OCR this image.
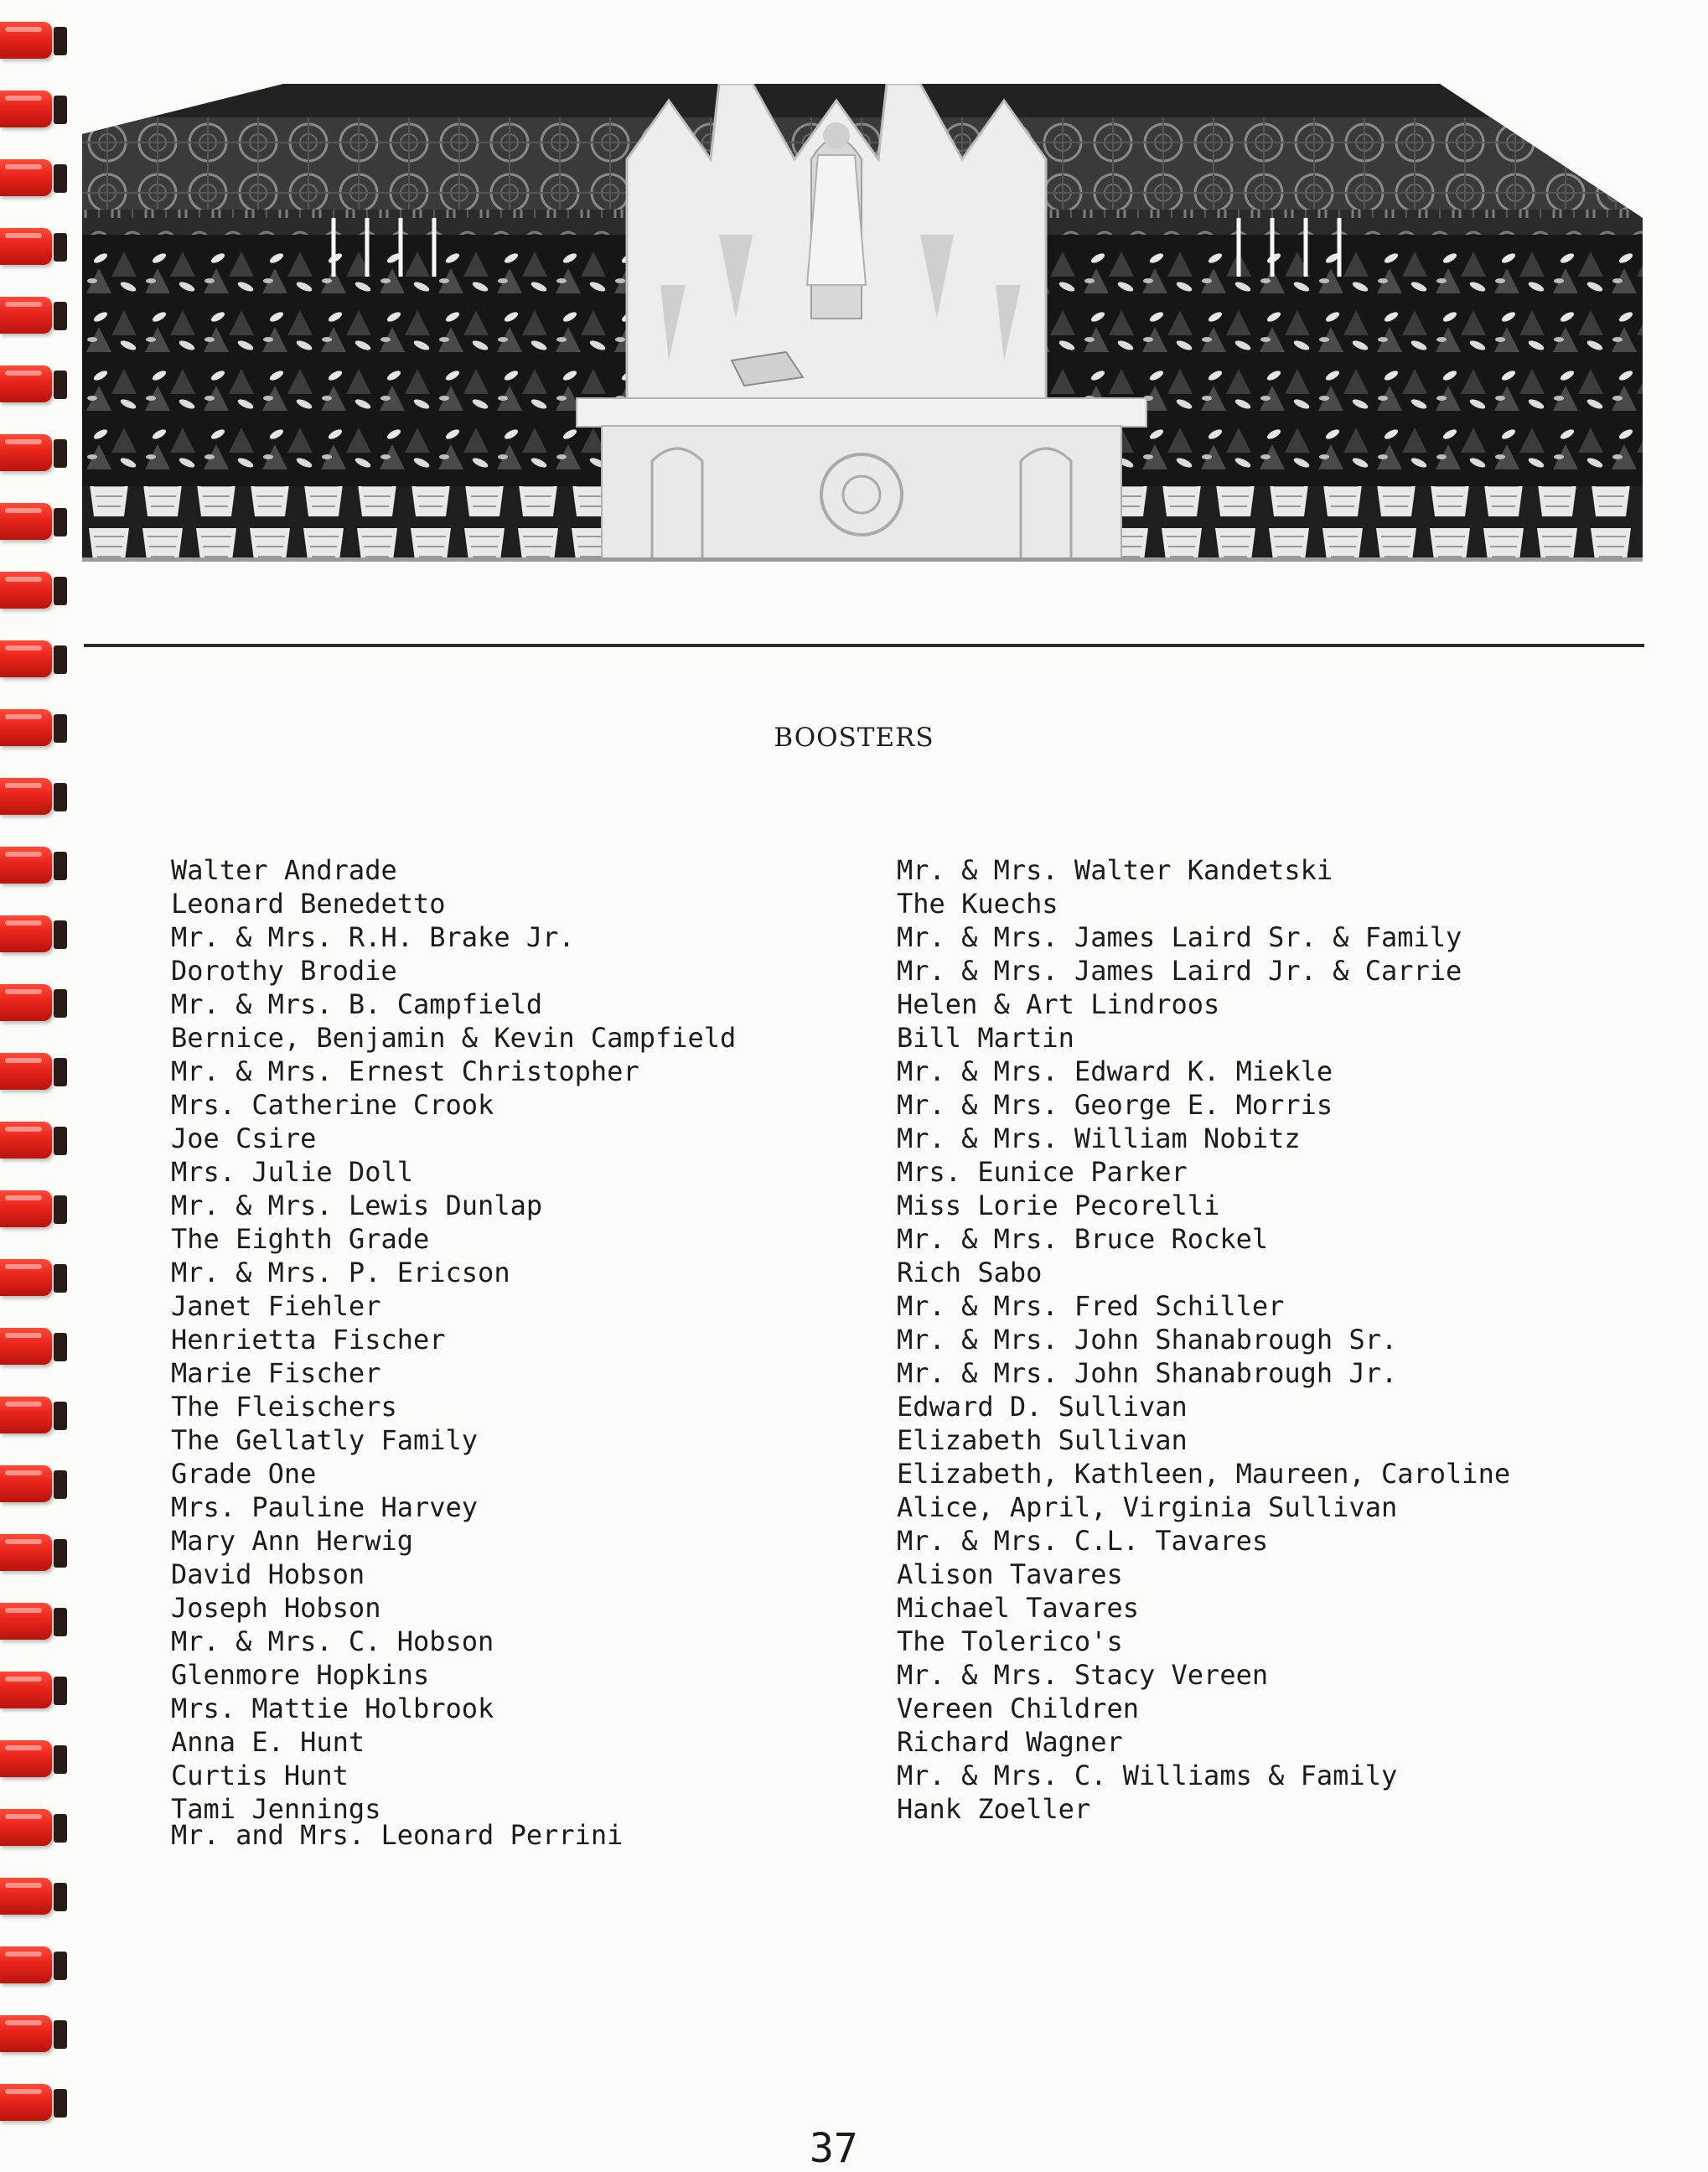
BOOSTERS
Walter Andrade
Leonard Benedetto
Mr. & Mrs. R.H. Brake Jr.
Dorothy Brodie
Mr. & Mrs. B. Campfield
Bernice, Benjamin & Kevin Campfield
Mr. & Mrs. Ernest Christopher
Mrs. Catherine Crook
Joe Csire
Mrs. Julie Doll
Mr. & Mrs. Lewis Dunlap
The Eighth Grade
Mr. & Mrs. P. Ericson
Janet Fiehler
Henrietta Fischer
Marie Fischer
The Fleischers
The Gellatly Family
Grade One
Mrs. Pauline Harvey
Mary Ann Herwig
David Hobson
Joseph Hobson
Mr. & Mrs. C. Hobson
Glenmore Hopkins
Mrs. Mattie Holbrook
Anna E. Hunt
Curtis Hunt
Tami Jennings
Mr. and Mrs. Leonard Perrini
Mr. & Mrs. Walter Kandetski
The Kuechs
Mr. & Mrs. James Laird Sr. & Family
Mr. & Mrs. James Laird Jr. & Carrie
Helen & Art Lindroos
Bill Martin
Mr. & Mrs. Edward K. Miekle
Mr. & Mrs. George E. Morris
Mr. & Mrs. William Nobitz
Mrs. Eunice Parker
Miss Lorie Pecorelli
Mr. & Mrs. Bruce Rockel
Rich Sabo
Mr. & Mrs. Fred Schiller
Mr. & Mrs. John Shanabrough Sr.
Mr. & Mrs. John Shanabrough Jr.
Edward D. Sullivan
Elizabeth Sullivan
Elizabeth, Kathleen, Maureen, Caroline
Alice, April, Virginia Sullivan
Mr. & Mrs. C.L. Tavares
Alison Tavares
Michael Tavares
The Tolerico's
Mr. & Mrs. Stacy Vereen
Vereen Children
Richard Wagner
Mr. & Mrs. C. Williams & Family
Hank Zoeller
37
